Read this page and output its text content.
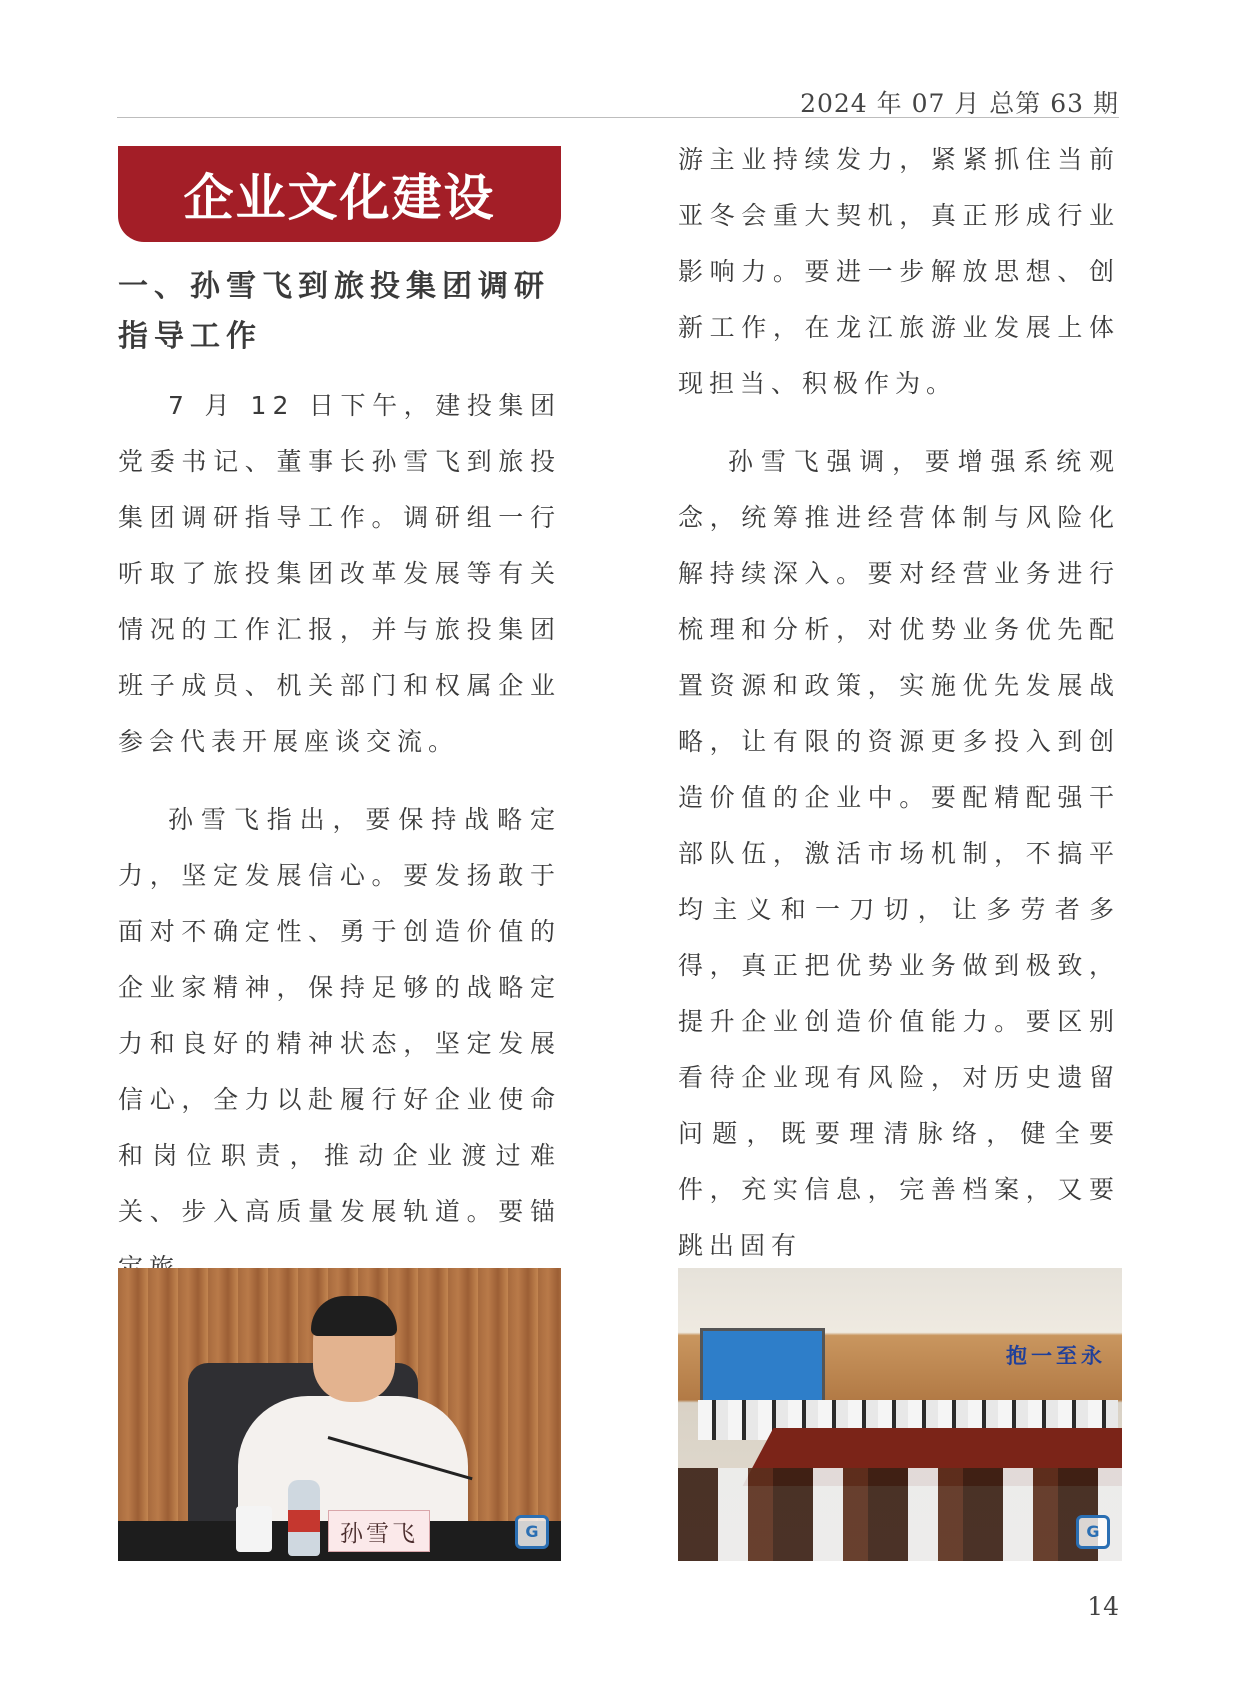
2024 年 07 月 总第 63 期
企业文化建设
一、孙雪飞到旅投集团调研指导工作

7 月 12 日下午，建投集团党委书记、董事长孙雪飞到旅投集团调研指导工作。调研组一行听取了旅投集团改革发展等有关情况的工作汇报，并与旅投集团班子成员、机关部门和权属企业参会代表开展座谈交流。

孙雪飞指出，要保持战略定力，坚定发展信心。要发扬敢于面对不确定性、勇于创造价值的企业家精神，保持足够的战略定力和良好的精神状态，坚定发展信心，全力以赴履行好企业使命和岗位职责，推动企业渡过难关、步入高质量发展轨道。要锚

游主业持续发力，紧紧抓住当前亚冬会重大契机，真正形成行业影响力。要进一步解放思想、创新工作，在龙江旅游业发展上体现担当、积极作为。

孙雪飞强调，要增强系统观念，统筹推进经营体制与风险化解持续深入。要对经营业务进行梳理和分析，对优势业务优先配置资源和政策，实施优先发展战略，让有限的资源更多投入到创造价值的企业中。要配精配强干部队伍，激活市场机制，不搞平均主义和一刀切，让多劳者多得，真正把优势业务做到极致，提升企业创造价值能力。要区别看待企业现有风险，对历史遗留问题，既要理清脉络，健全要件，充实信息，完善档案，又要跳出固有

孙雪飞	G
抱一至永
G
14
